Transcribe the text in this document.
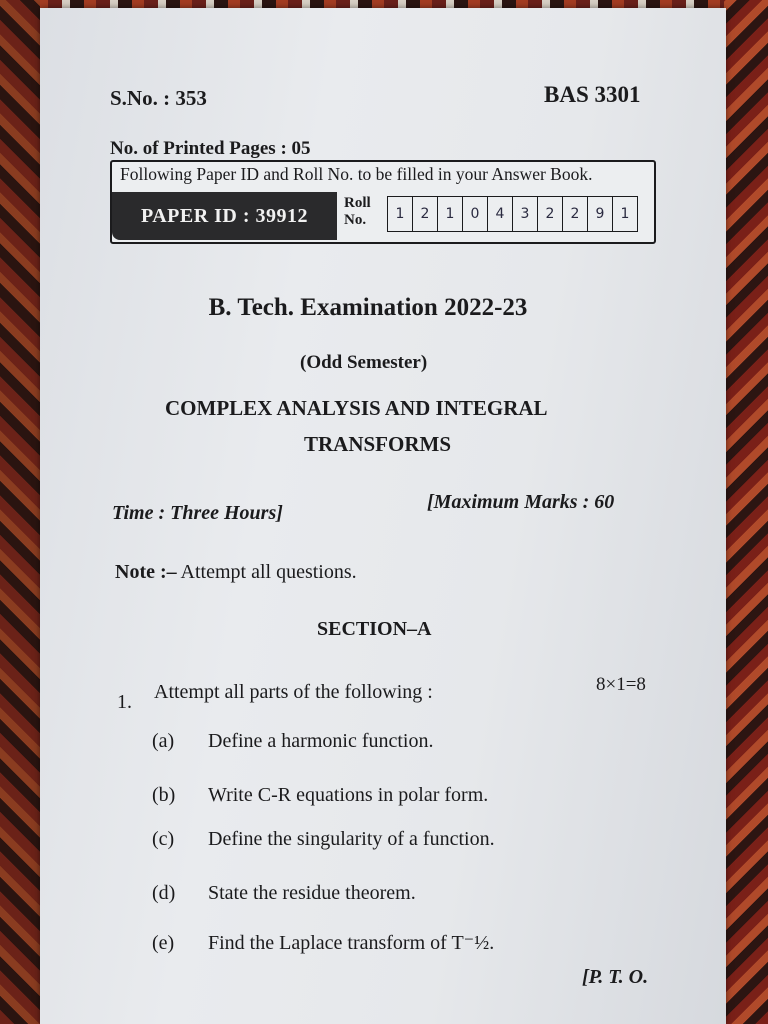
S.No. : 353	BAS 3301
No. of Printed Pages : 05
Following Paper ID and Roll No. to be filled in your Answer Book.
PAPER ID : 39912
Roll
No.	1	2	1	0	4	3	2	2	9	1
B. Tech. Examination 2022-23
(Odd Semester)
COMPLEX ANALYSIS AND INTEGRAL
TRANSFORMS
Time : Three Hours]	[Maximum Marks : 60
Note :– Attempt all questions.
SECTION–A
1. Attempt all parts of the following :	8×1=8
(a) Define a harmonic function.
(b) Write C-R equations in polar form.
(c) Define the singularity of a function.
(d) State the residue theorem.
(e) Find the Laplace transform of T⁻½.
[P. T. O.
